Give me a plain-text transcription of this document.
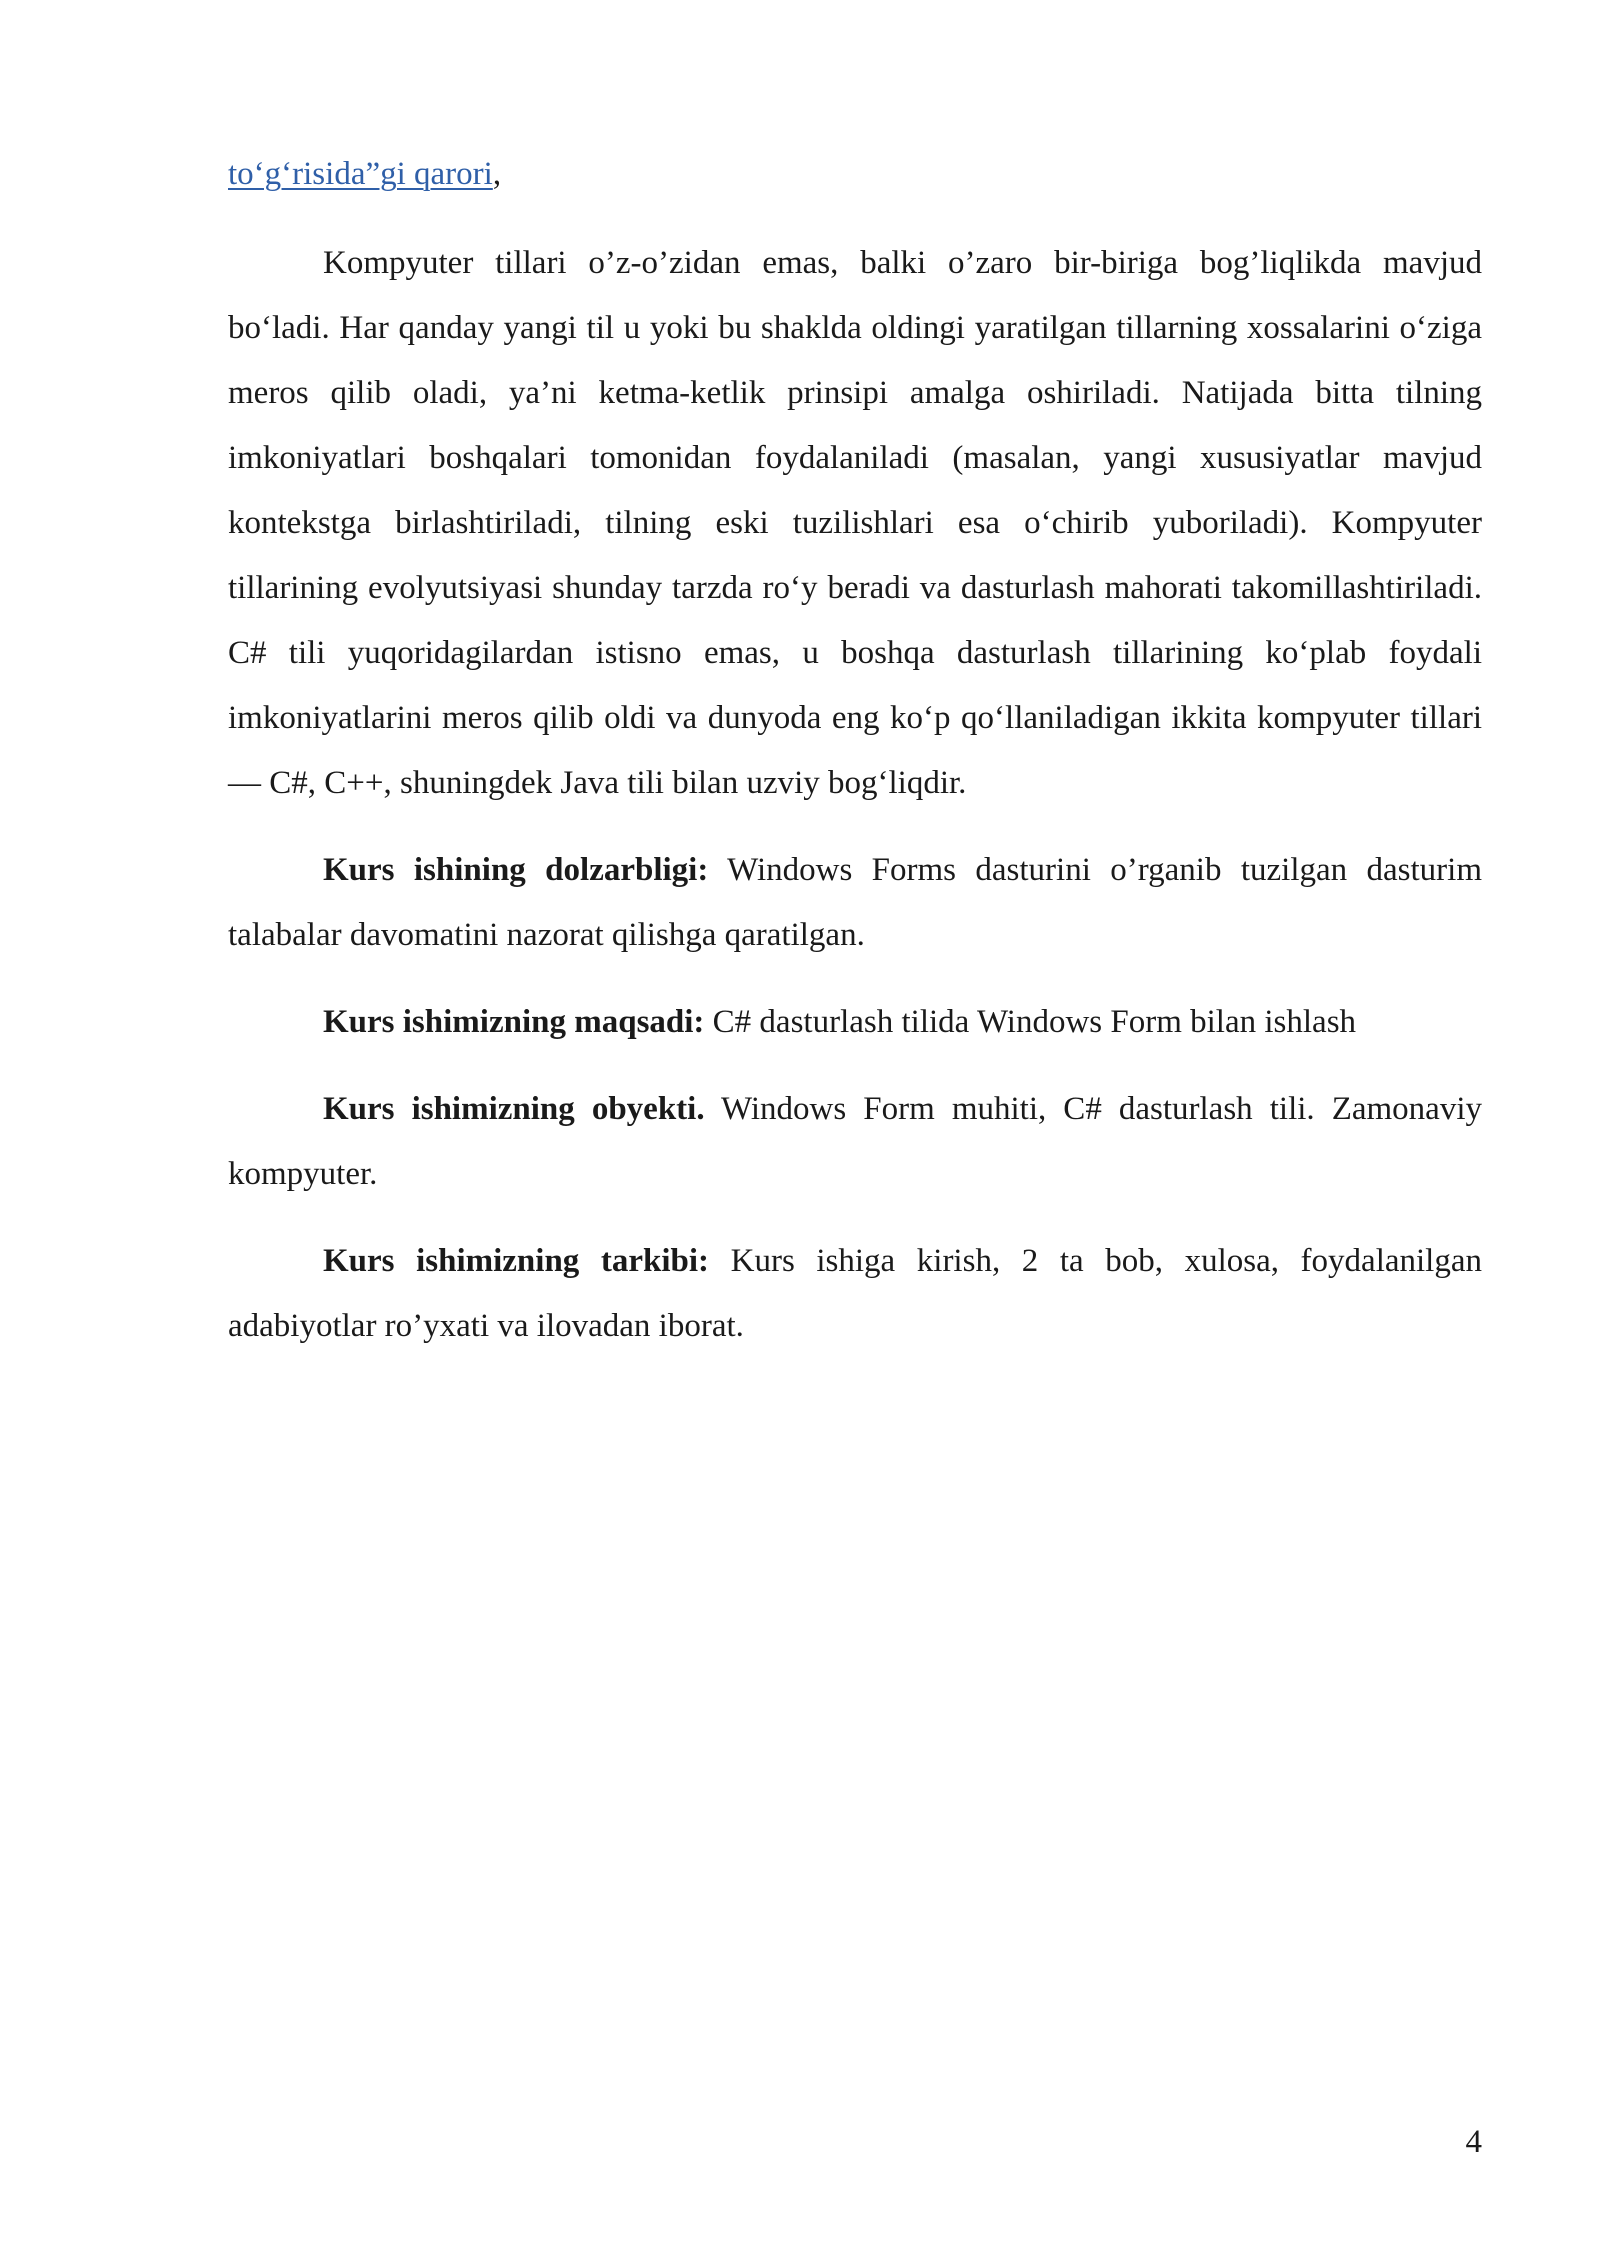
to‘g‘risida”gi qarori,

Kompyuter tillari o’z-o’zidan emas, balki o’zaro bir-biriga bog’liqlikda mavjud bo‘ladi. Har qanday yangi til u yoki bu shaklda oldingi yaratilgan tillarning xossalarini o‘ziga meros qilib oladi, ya’ni ketma-ketlik prinsipi amalga oshiriladi. Natijada bitta tilning imkoniyatlari boshqalari tomonidan foydalaniladi (masalan, yangi xususiyatlar mavjud kontekstga birlashtiriladi, tilning eski tuzilishlari esa o‘chirib yuboriladi). Kompyuter tillarining evolyutsiyasi shunday tarzda ro‘y beradi va dasturlash mahorati takomillashtiriladi. C# tili yuqoridagilardan istisno emas, u boshqa dasturlash tillarining ko‘plab foydali imkoniyatlarini meros qilib oldi va dunyoda eng ko‘p qo‘llaniladigan ikkita kompyuter tillari — C#, C++, shuningdek Java tili bilan uzviy bog‘liqdir.

Kurs ishining dolzarbligi: Windows Forms dasturini o’rganib tuzilgan dasturim talabalar davomatini nazorat qilishga qaratilgan.

Kurs ishimizning maqsadi: C# dasturlash tilida Windows Form bilan ishlash

Kurs ishimizning obyekti. Windows Form muhiti, C# dasturlash tili. Zamonaviy kompyuter.

Kurs ishimizning tarkibi: Kurs ishiga kirish, 2 ta bob, xulosa, foydalanilgan adabiyotlar ro’yxati va ilovadan iborat.

4
